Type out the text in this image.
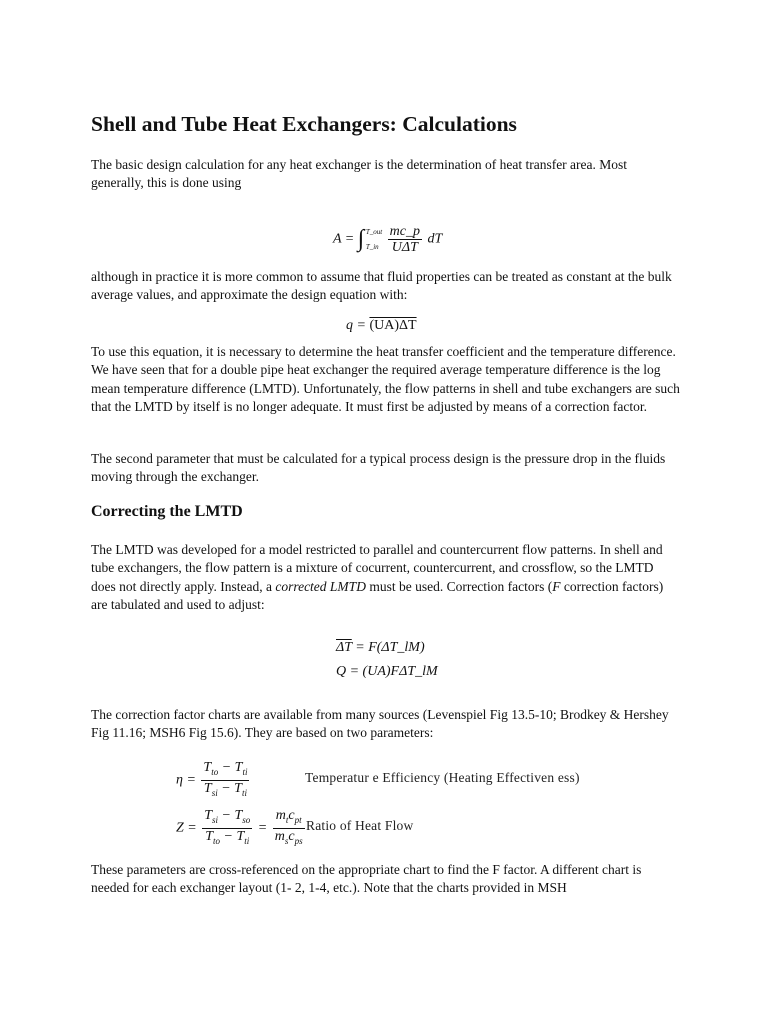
Shell and Tube Heat Exchangers: Calculations

The basic design calculation for any heat exchanger is the determination of heat transfer area. Most generally, this is done using

A = ∫ T_out
T_in
$\frac{mc\_p}{\text{UΔT}}$ dT

although in practice it is more common to assume that fluid properties can be treated as constant at the bulk average values, and approximate the design equation with:

q = (UA)ΔT

To use this equation, it is necessary to determine the heat transfer coefficient and the temperature difference. We have seen that for a double pipe heat exchanger the required average temperature difference is the log mean temperature difference (LMTD). Unfortunately, the flow patterns in shell and tube exchangers are such that the LMTD by itself is no longer adequate. It must first be adjusted by means of a correction factor.

The second parameter that must be calculated for a typical process design is the pressure drop in the fluids moving through the exchanger.

Correcting the LMTD

The LMTD was developed for a model restricted to parallel and countercurrent flow patterns. In shell and tube exchangers, the flow pattern is a mixture of cocurrent, countercurrent, and crossflow, so the LMTD does not directly apply. Instead, a corrected LMTD must be used. Correction factors (F correction factors) are tabulated and used to adjust:

$\overline{\Delta T}$ = F(ΔT_lM)
Q = (UA)FΔT_lM

The correction factor charts are available from many sources (Levenspiel Fig 13.5-10; Brodkey & Hershey Fig 11.16; MSH6 Fig 15.6). They are based on two parameters:

$\eta = \frac{T_{to} - T_{ti}}{T_{si} - T_{ti}}$	Temperatur e Efficiency (Heating Effectiven ess)
$Z = \frac{T_{si} - T_{so}}{T_{to} - T_{ti}} = \frac{m_tc_{pt}}{m_sc_{ps}}$ Ratio of Heat Flow

These parameters are cross-referenced on the appropriate chart to find the F factor. A different chart is needed for each exchanger layout (1- 2, 1-4, etc.). Note that the charts provided in MSH
